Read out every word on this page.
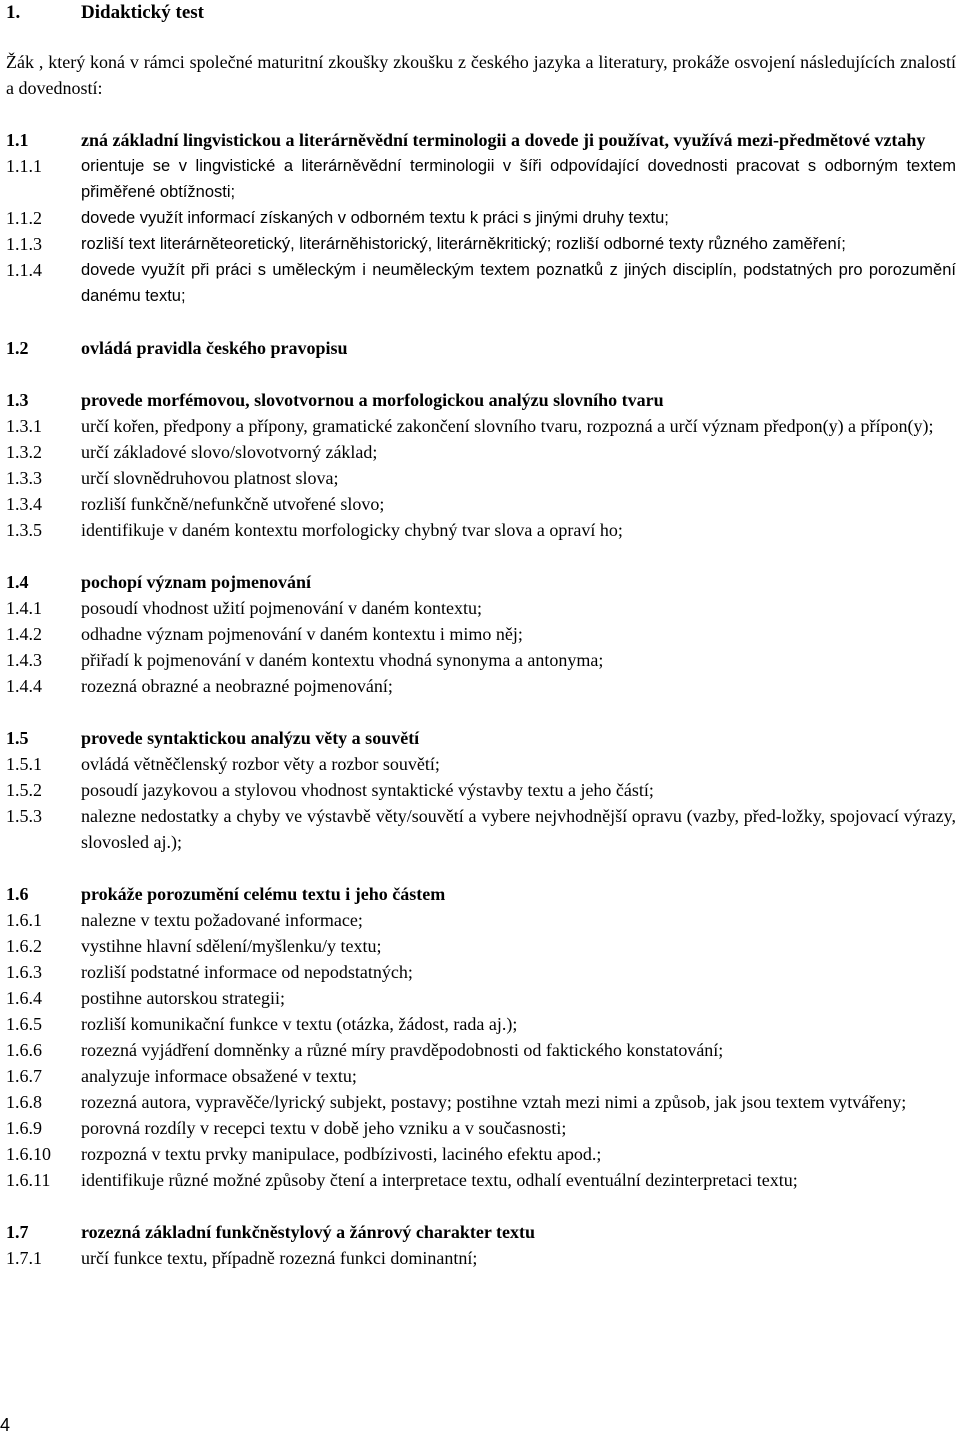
1.	Didaktický test

Žák , který koná v rámci společné maturitní zkoušky zkoušku z českého jazyka a literatury, prokáže osvojení následujících znalostí a dovedností:

1.1	zná základní lingvistickou a literárněvědní terminologii a dovede ji používat, využívá mezi-předmětové vztahy
1.1.1	orientuje se v lingvistické a literárněvědní terminologii v šíři odpovídající dovednosti pracovat s odborným textem přiměřené obtížnosti;
1.1.2	dovede využít informací získaných v odborném textu k práci s jinými druhy textu;
1.1.3	rozliší text literárněteoretický, literárněhistorický, literárněkritický; rozliší odborné texty různého zaměření;
1.1.4	dovede využít při práci s uměleckým i neuměleckým textem poznatků z jiných disciplín, podstatných pro porozumění danému textu;
1.2	ovládá pravidla českého pravopisu
1.3	provede morfémovou, slovotvornou a morfologickou analýzu slovního tvaru
1.3.1	určí kořen, předpony a přípony, gramatické zakončení slovního tvaru, rozpozná a určí význam předpon(y) a přípon(y);
1.3.2	určí základové slovo/slovotvorný základ;
1.3.3	určí slovnědruhovou platnost slova;
1.3.4	rozliší funkčně/nefunkčně utvořené slovo;
1.3.5	identifikuje v daném kontextu morfologicky chybný tvar slova a opraví ho;
1.4	pochopí význam pojmenování
1.4.1	posoudí vhodnost užití pojmenování v daném kontextu;
1.4.2	odhadne význam pojmenování v daném kontextu i mimo něj;
1.4.3	přiřadí k pojmenování v daném kontextu vhodná synonyma a antonyma;
1.4.4	rozezná obrazné a neobrazné pojmenování;
1.5	provede syntaktickou analýzu věty a souvětí
1.5.1	ovládá větněčlenský rozbor věty a rozbor souvětí;
1.5.2	posoudí jazykovou a stylovou vhodnost syntaktické výstavby textu a jeho částí;
1.5.3	nalezne nedostatky a chyby ve výstavbě věty/souvětí a vybere nejvhodnější opravu (vazby, před-ložky, spojovací výrazy, slovosled aj.);
1.6	prokáže porozumění celému textu i jeho částem
1.6.1	nalezne v textu požadované informace;
1.6.2	vystihne hlavní sdělení/myšlenku/y textu;
1.6.3	rozliší podstatné informace od nepodstatných;
1.6.4	postihne autorskou strategii;
1.6.5	rozliší komunikační funkce v textu (otázka, žádost, rada aj.);
1.6.6	rozezná vyjádření domněnky a různé míry pravděpodobnosti od faktického konstatování;
1.6.7	analyzuje informace obsažené v textu;
1.6.8	rozezná autora, vypravěče/lyrický subjekt, postavy; postihne vztah mezi nimi a způsob, jak jsou textem vytvářeny;
1.6.9	porovná rozdíly v recepci textu v době jeho vzniku a v současnosti;
1.6.10	rozpozná v textu prvky manipulace, podbízivosti, laciného efektu apod.;
1.6.11	identifikuje různé možné způsoby čtení a interpretace textu, odhalí eventuální dezinterpretaci textu;
1.7	rozezná základní funkčněstylový a žánrový charakter textu
1.7.1	určí funkce textu, případně rozezná funkci dominantní;
4
